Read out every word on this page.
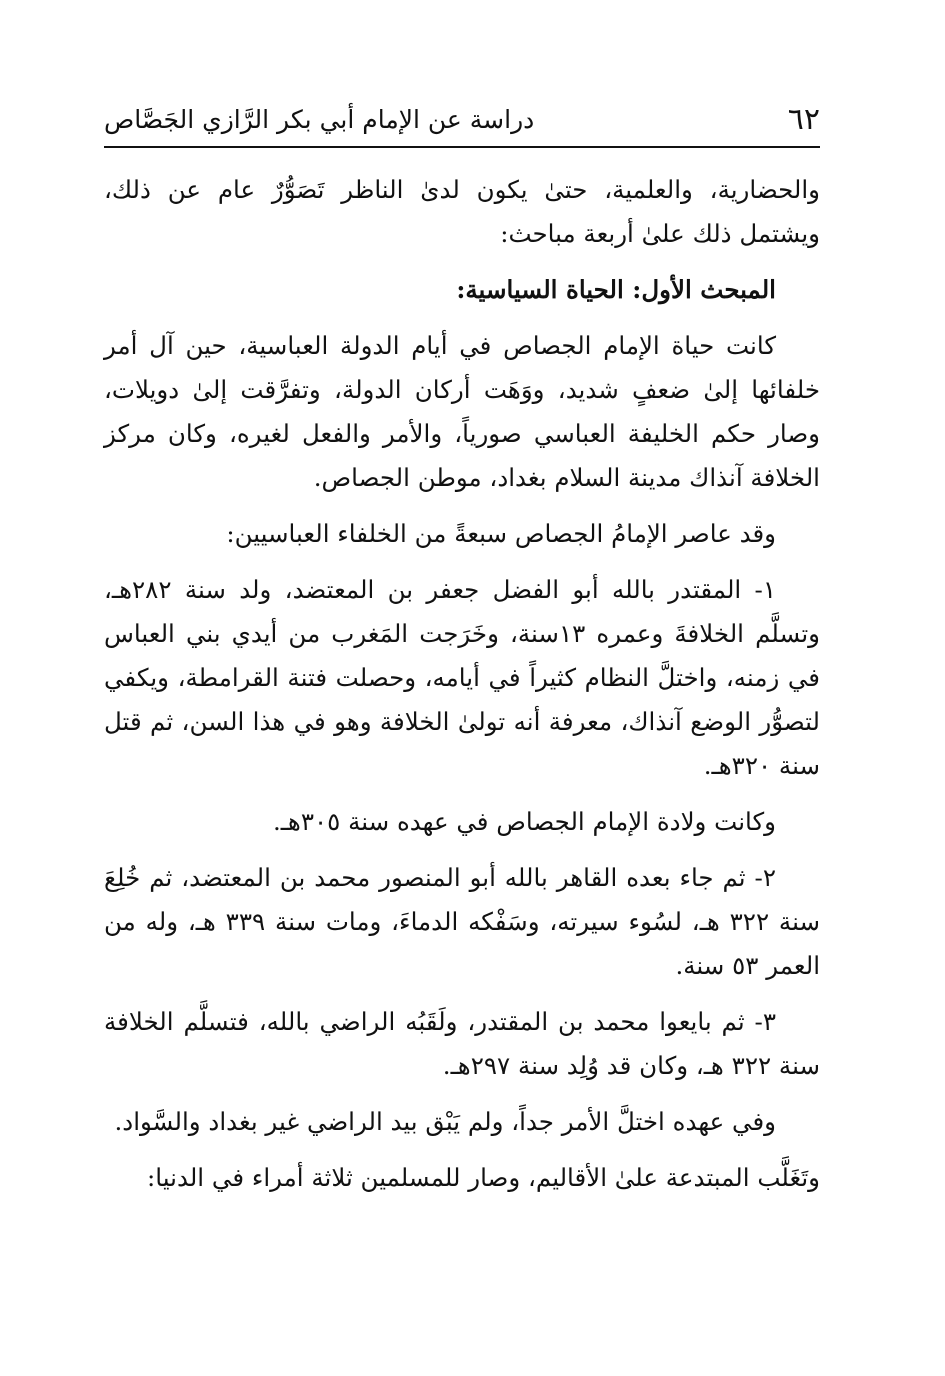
٦٢
دراسة عن الإمام أبي بكر الرَّازي الجَصَّاص

والحضارية، والعلمية، حتىٰ يكون لدىٰ الناظر تَصَوُّرٌ عام عن ذلك، ويشتمل ذلك علىٰ أربعة مباحث:

المبحث الأول: الحياة السياسية:

كانت حياة الإمام الجصاص في أيام الدولة العباسية، حين آل أمر خلفائها إلىٰ ضعفٍ شديد، ووَهَت أركان الدولة، وتفرَّقت إلىٰ دويلات، وصار حكم الخليفة العباسي صورياً، والأمر والفعل لغيره، وكان مركز الخلافة آنذاك مدينة السلام بغداد، موطن الجصاص.

وقد عاصر الإمامُ الجصاص سبعةً من الخلفاء العباسيين:

١- المقتدر بالله أبو الفضل جعفر بن المعتضد، ولد سنة ٢٨٢هـ، وتسلَّم الخلافةَ وعمره ١٣سنة، وخَرَجت المَغرب من أيدي بني العباس في زمنه، واختلَّ النظام كثيراً في أيامه، وحصلت فتنة القرامطة، ويكفي لتصوُّر الوضع آنذاك، معرفة أنه تولىٰ الخلافة وهو في هذا السن، ثم قتل سنة ٣٢٠هـ.

وكانت ولادة الإمام الجصاص في عهده سنة ٣٠٥هـ.

٢- ثم جاء بعده القاهر بالله أبو المنصور محمد بن المعتضد، ثم خُلِعَ سنة ٣٢٢ هـ، لسُوء سيرته، وسَفْكه الدماءَ، ومات سنة ٣٣٩ هـ، وله من العمر ٥٣ سنة.

٣- ثم بايعوا محمد بن المقتدر، ولَقَبُه الراضي بالله، فتسلَّم الخلافة سنة ٣٢٢ هـ، وكان قد وُلِد سنة ٢٩٧هـ.

وفي عهده اختلَّ الأمر جداً، ولم يَبْق بيد الراضي غير بغداد والسَّواد.

وتَغَلَّب المبتدعة علىٰ الأقاليم، وصار للمسلمين ثلاثة أمراء في الدنيا:
